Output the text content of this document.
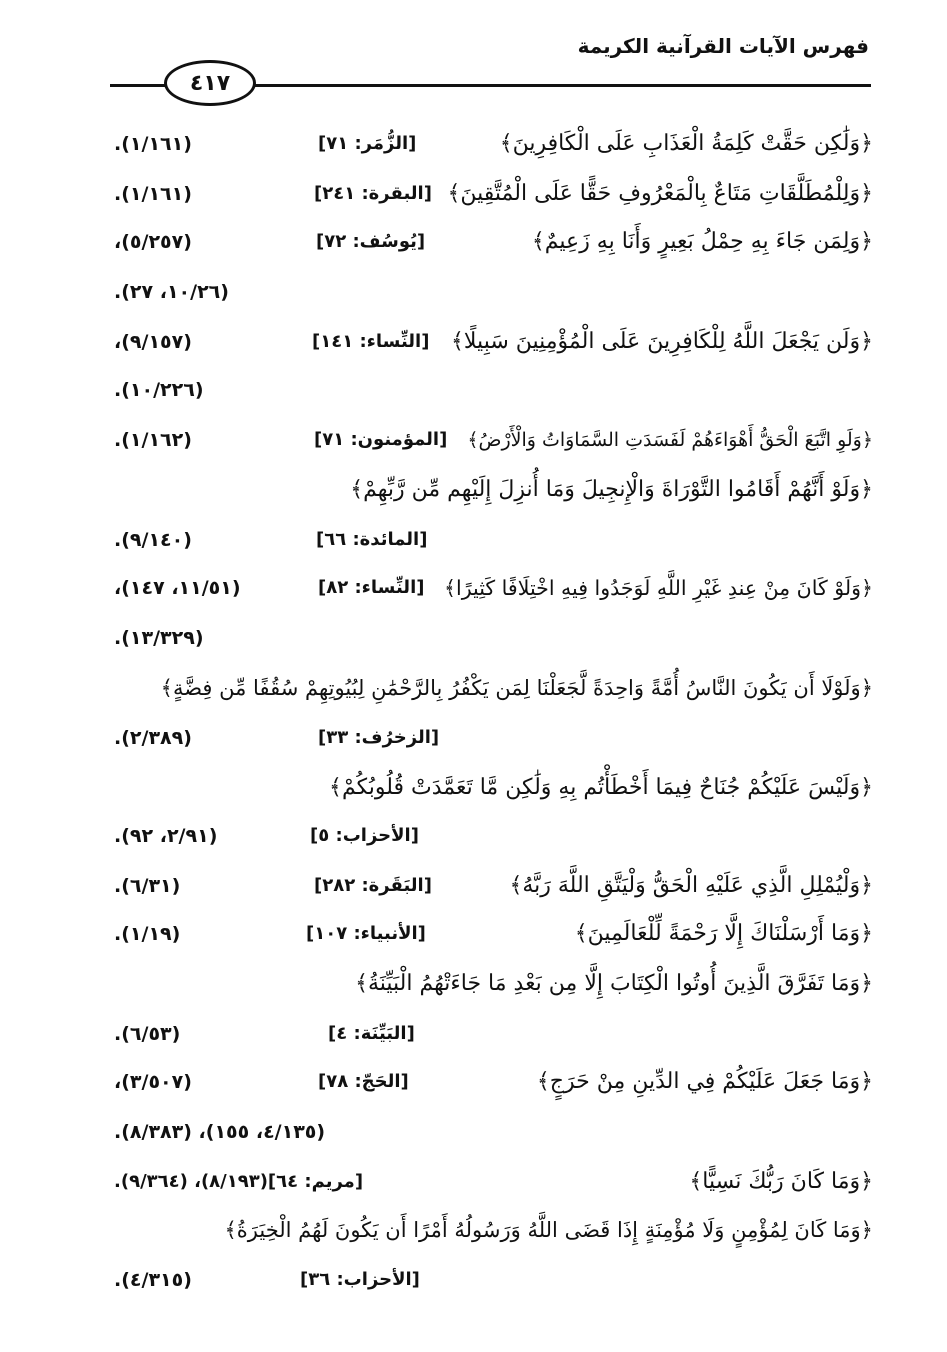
فهرس الآيات القرآنية الكريمة
٤١٧
﴿وَلَٰكِن حَقَّتْ كَلِمَةُ الْعَذَابِ عَلَى الْكَافِرِينَ﴾
[الزُّمَر: ٧١]
(١/١٦١).
﴿وَلِلْمُطَلَّقَاتِ مَتَاعٌ بِالْمَعْرُوفِ حَقًّا عَلَى الْمُتَّقِينَ﴾
[البقرة: ٢٤١]
(١/١٦١).
﴿وَلِمَن جَاءَ بِهِ حِمْلُ بَعِيرٍ وَأَنَا بِهِ زَعِيمٌ﴾
[يُوسُف: ٧٢]
(٥/٢٥٧)،
(١٠/٢٦، ٢٧).
﴿وَلَن يَجْعَلَ اللَّهُ لِلْكَافِرِينَ عَلَى الْمُؤْمِنِينَ سَبِيلًا﴾
[النِّساء: ١٤١]
(٩/١٥٧)،
(١٠/٢٢٦).
﴿وَلَوِ اتَّبَعَ الْحَقُّ أَهْوَاءَهُمْ لَفَسَدَتِ السَّمَاوَاتُ وَالْأَرْضُ﴾
[المؤمنون: ٧١]
(١/١٦٢).
﴿وَلَوْ أَنَّهُمْ أَقَامُوا التَّوْرَاةَ وَالْإِنجِيلَ وَمَا أُنزِلَ إِلَيْهِم مِّن رَّبِّهِمْ﴾
[المائدة: ٦٦]
(٩/١٤٠).
﴿وَلَوْ كَانَ مِنْ عِندِ غَيْرِ اللَّهِ لَوَجَدُوا فِيهِ اخْتِلَافًا كَثِيرًا﴾
[النِّساء: ٨٢]
(١١/٥١، ١٤٧)،
(١٣/٣٢٩).
﴿وَلَوْلَا أَن يَكُونَ النَّاسُ أُمَّةً وَاحِدَةً لَّجَعَلْنَا لِمَن يَكْفُرُ بِالرَّحْمَٰنِ لِبُيُوتِهِمْ سُقُفًا مِّن فِضَّةٍ﴾
[الزخرُف: ٣٣]
(٢/٣٨٩).
﴿وَلَيْسَ عَلَيْكُمْ جُنَاحٌ فِيمَا أَخْطَأْتُم بِهِ وَلَٰكِن مَّا تَعَمَّدَتْ قُلُوبُكُمْ﴾
[الأحزاب: ٥]
(٢/٩١، ٩٢).
﴿وَلْيُمْلِلِ الَّذِي عَلَيْهِ الْحَقُّ وَلْيَتَّقِ اللَّهَ رَبَّهُ﴾
[البَقَرة: ٢٨٢]
(٦/٣١).
﴿وَمَا أَرْسَلْنَاكَ إِلَّا رَحْمَةً لِّلْعَالَمِينَ﴾
[الأنبياء: ١٠٧]
(١/١٩).
﴿وَمَا تَفَرَّقَ الَّذِينَ أُوتُوا الْكِتَابَ إِلَّا مِن بَعْدِ مَا جَاءَتْهُمُ الْبَيِّنَةُ﴾
[البَيِّنَة: ٤]
(٦/٥٣).
﴿وَمَا جَعَلَ عَلَيْكُمْ فِي الدِّينِ مِنْ حَرَجٍ﴾
[الحَجّ: ٧٨]
(٣/٥٠٧)،
(٤/١٣٥، ١٥٥)، (٨/٣٨٣).
﴿وَمَا كَانَ رَبُّكَ نَسِيًّا﴾
[مريم: ٦٤](٨/١٩٣)، (٩/٣٦٤).
﴿وَمَا كَانَ لِمُؤْمِنٍ وَلَا مُؤْمِنَةٍ إِذَا قَضَى اللَّهُ وَرَسُولُهُ أَمْرًا أَن يَكُونَ لَهُمُ الْخِيَرَةُ﴾
[الأحزاب: ٣٦]
(٤/٣١٥).
